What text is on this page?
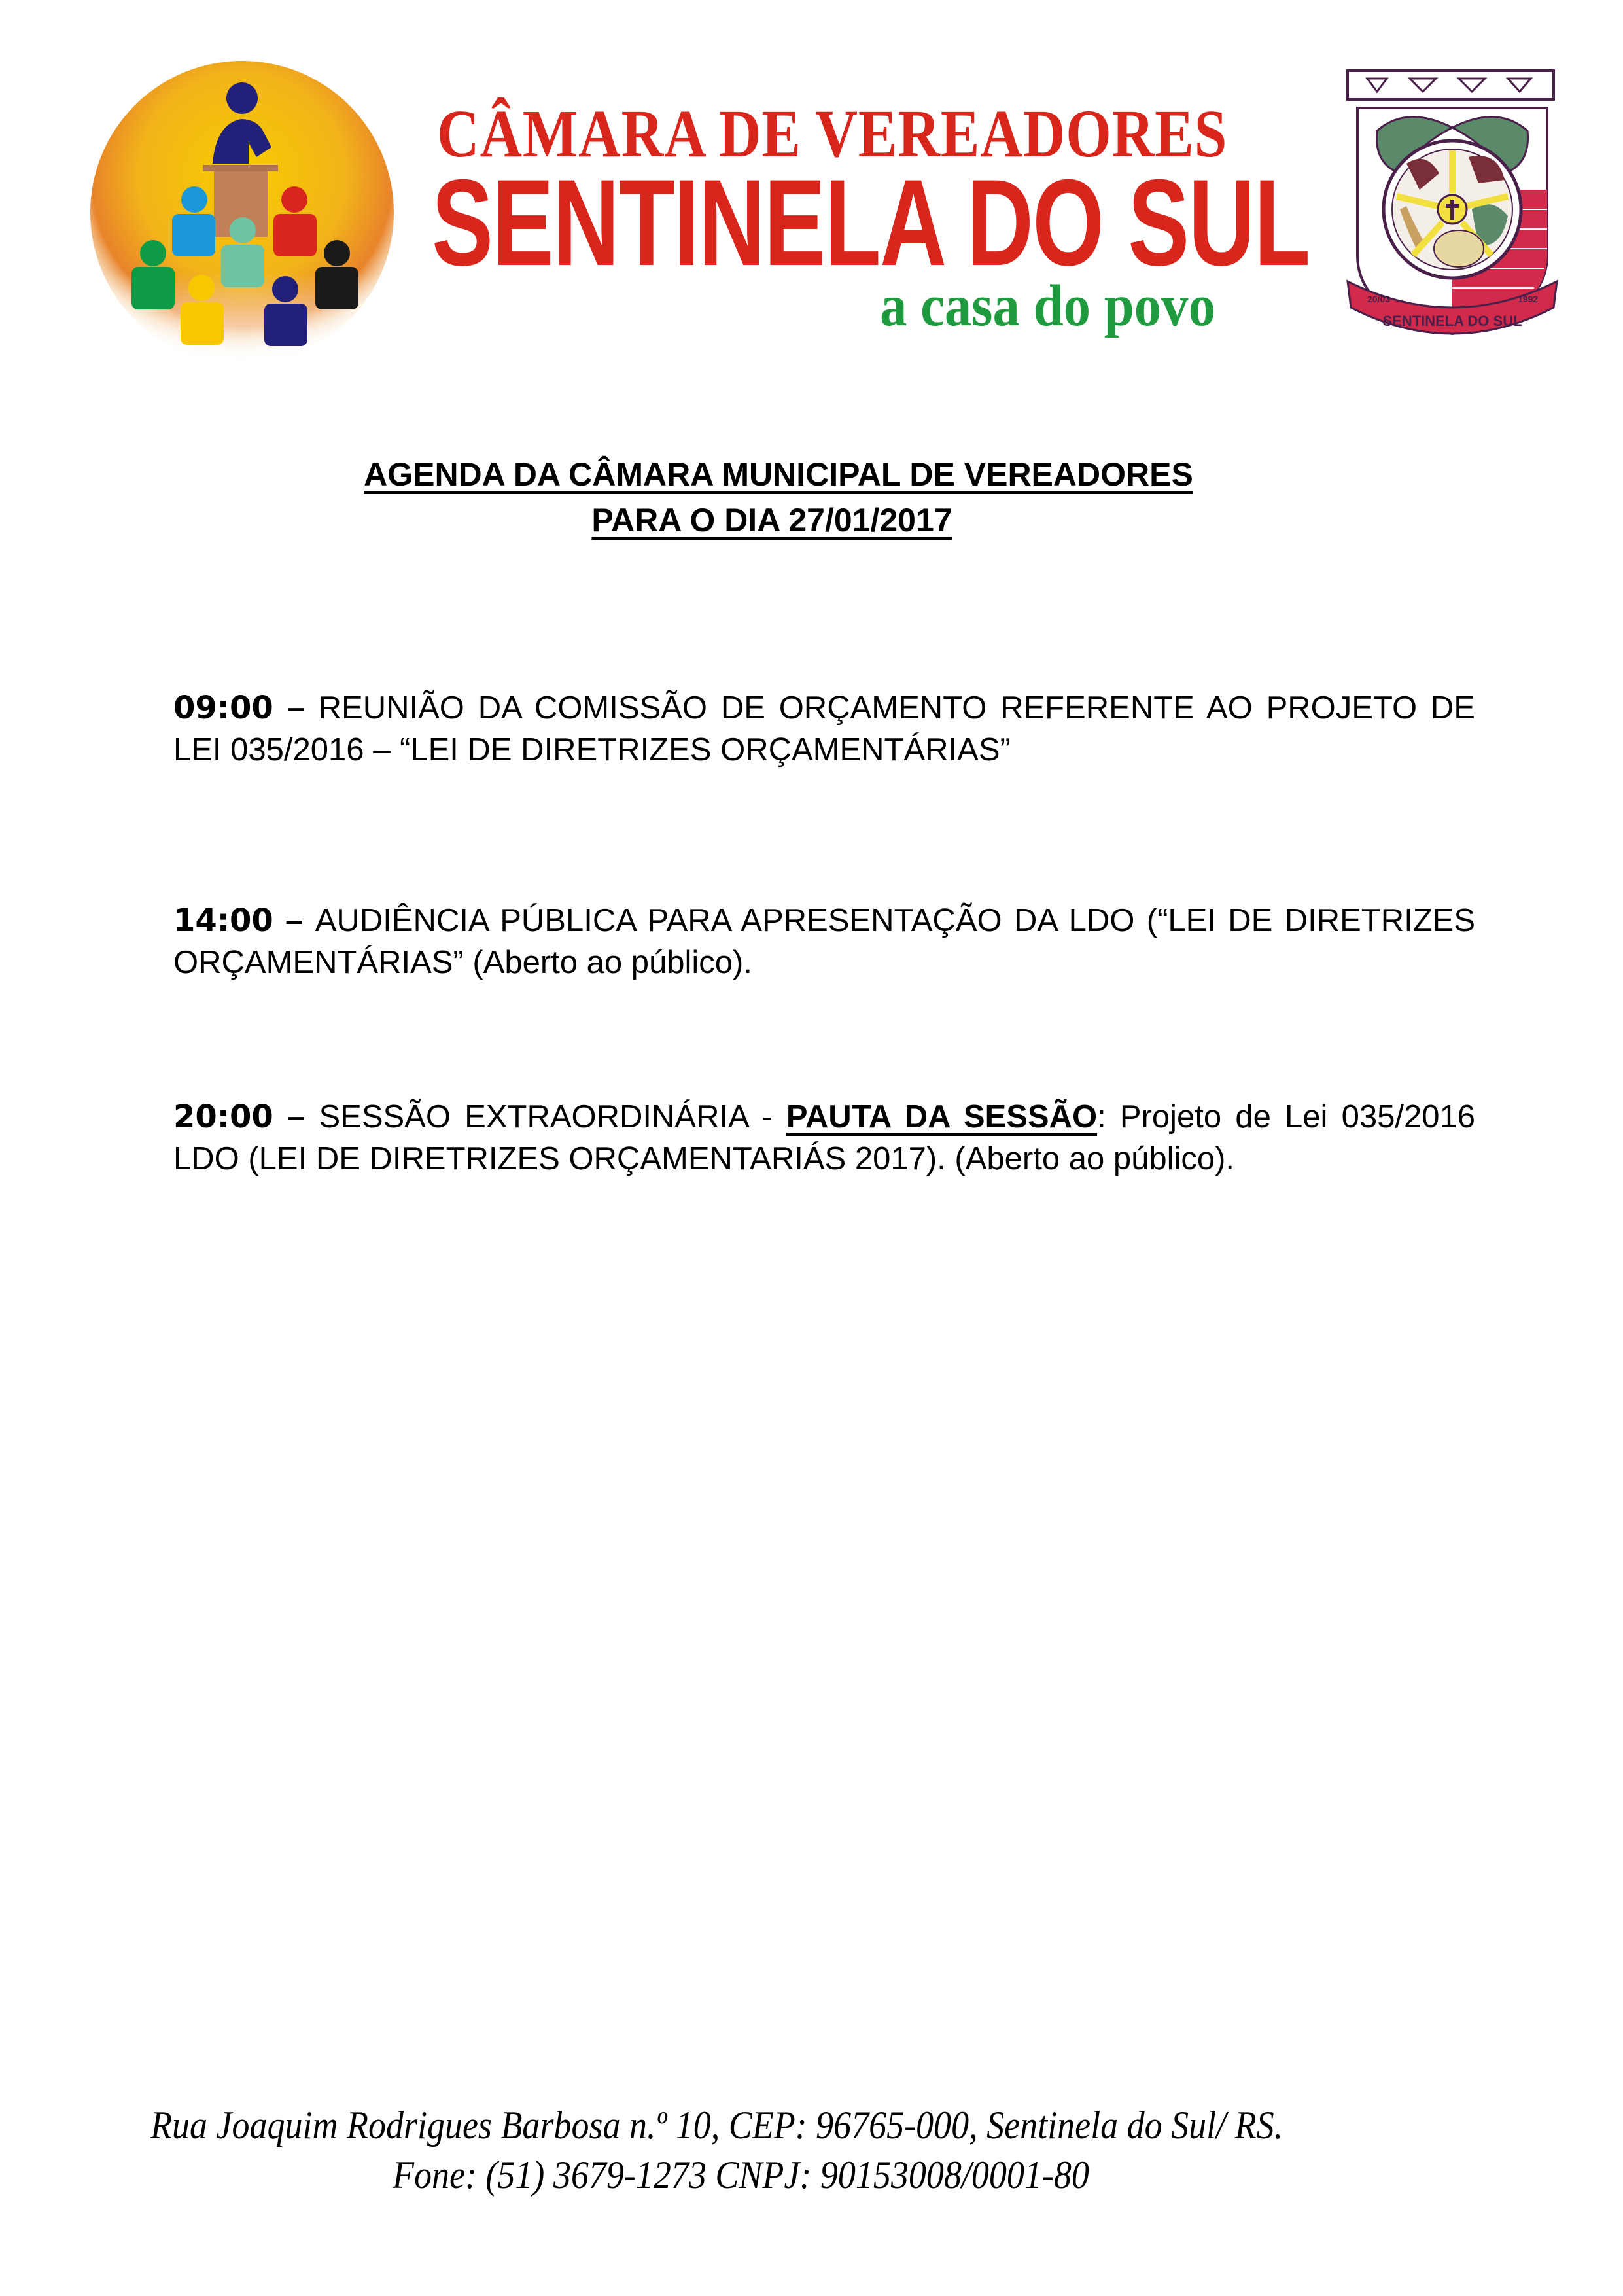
CÂMARA DE VEREADORES
SENTINELA DO SUL
a casa do povo	SENTINELA DO SUL
20/03	1992
AGENDA DA CÂMARA MUNICIPAL DE VEREADORES
PARA O DIA 27/01/2017

09:00 – REUNIÃO DA COMISSÃO DE ORÇAMENTO REFERENTE AO PROJETO DE LEI 035/2016 – “LEI DE DIRETRIZES ORÇAMENTÁRIAS”

14:00 – AUDIÊNCIA PÚBLICA PARA APRESENTAÇÃO DA LDO (“LEI DE DIRETRIZES ORÇAMENTÁRIAS” (Aberto ao público).

20:00 – SESSÃO EXTRAORDINÁRIA - PAUTA DA SESSÃO: Projeto de Lei 035/2016 LDO (LEI DE DIRETRIZES ORÇAMENTARIÁS 2017). (Aberto ao público).

Rua Joaquim Rodrigues Barbosa n.º 10, CEP: 96765-000, Sentinela do Sul/ RS.
Fone: (51) 3679-1273 CNPJ: 90153008/0001-80
